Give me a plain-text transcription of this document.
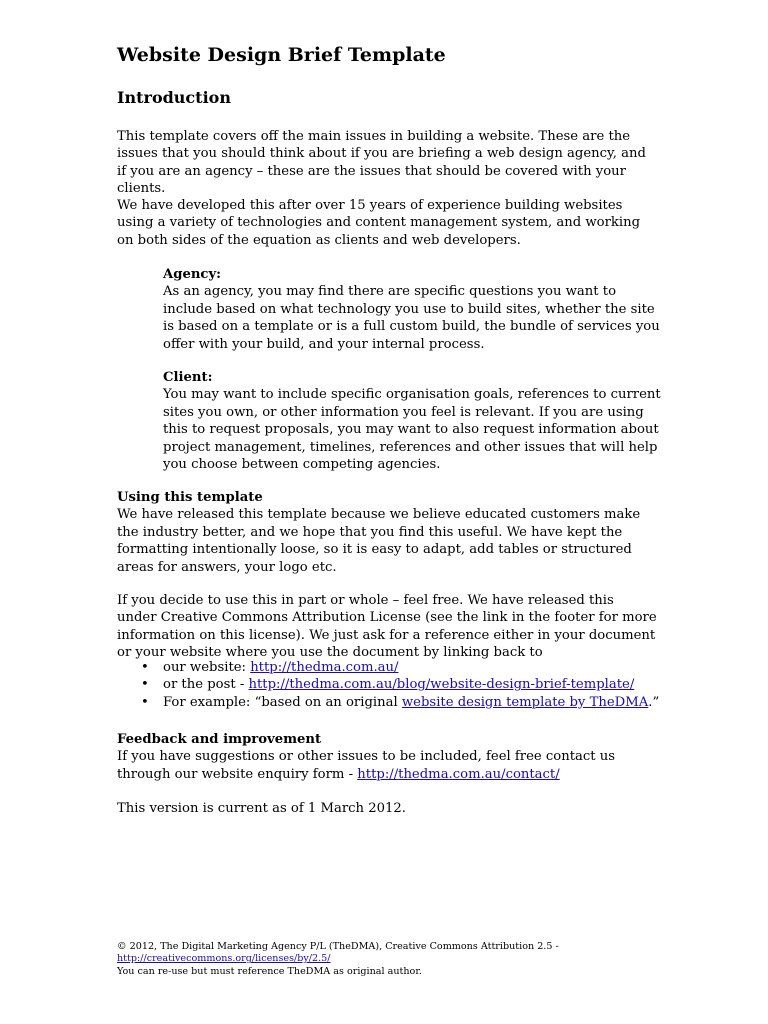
Website Design Brief Template
Introduction

This template covers off the main issues in building a website. These are the issues that you should think about if you are briefing a web design agency, and if you are an agency – these are the issues that should be covered with your clients.

We have developed this after over 15 years of experience building websites using a variety of technologies and content management system, and working on both sides of the equation as clients and web developers.

Agency:
As an agency, you may find there are specific questions you want to include based on what technology you use to build sites, whether the site is based on a template or is a full custom build, the bundle of services you offer with your build, and your internal process.
Client:
You may want to include specific organisation goals, references to current sites you own, or other information you feel is relevant. If you are using this to request proposals, you may want to also request information about project management, timelines, references and other issues that will help you choose between competing agencies.
Using this template
We have released this template because we believe educated customers make the industry better, and we hope that you find this useful. We have kept the formatting intentionally loose, so it is easy to adapt, add tables or structured areas for answers, your logo etc.

If you decide to use this in part or whole – feel free. We have released this under Creative Commons Attribution License (see the link in the footer for more information on this license). We just ask for a reference either in your document or your website where you use the document by linking back to

• our website: http://thedma.com.au/
• or the post - http://thedma.com.au/blog/website-design-brief-template/
• For example: “based on an original website design template by TheDMA.”
Feedback and improvement
If you have suggestions or other issues to be included, feel free contact us through our website enquiry form - http://thedma.com.au/contact/

This version is current as of 1 March 2012.

© 2012, The Digital Marketing Agency P/L (TheDMA), Creative Commons Attribution 2.5 -
http://creativecommons.org/licenses/by/2.5/
You can re-use but must reference TheDMA as original author.
